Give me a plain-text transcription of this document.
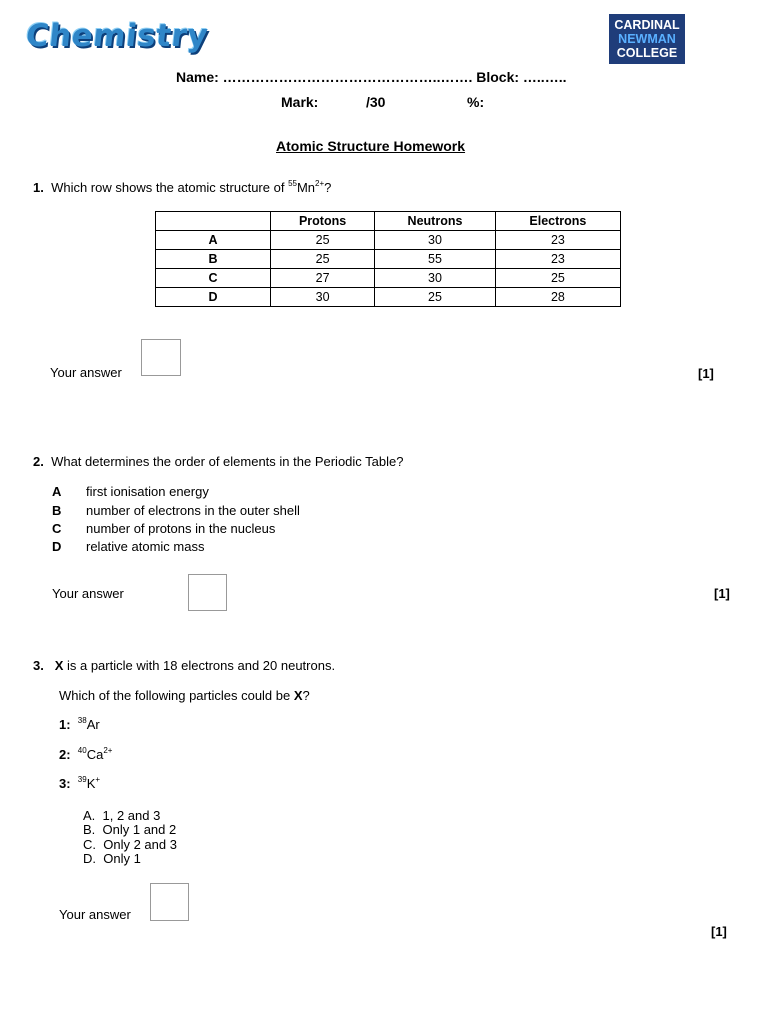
Chemistry	CARDINAL
NEWMAN
COLLEGE
Name: ………………………………………..……. Block: …..…..
Mark:	/30	%:
Atomic Structure Homework
1. Which row shows the atomic structure of $^{55}Mn^{2+}$?
	Protons	Neutrons	Electrons
A	25	30	23
B	25	55	23
C	27	30	25
D	30	25	28
Your answer	[1]
2. What determines the order of elements in the Periodic Table?
A first ionisation energy
B number of electrons in the outer shell
C number of protons in the nucleus
D relative atomic mass
Your answer	[1]
3. X is a particle with 18 electrons and 20 neutrons.
Which of the following particles could be X?
1: $^{38}$Ar
2: $^{40}Ca^{2+}$
3: $^{39}$K+
A.  1, 2 and 3
B.  Only 1 and 2
C.  Only 2 and 3
D.  Only 1
Your answer
[1]
